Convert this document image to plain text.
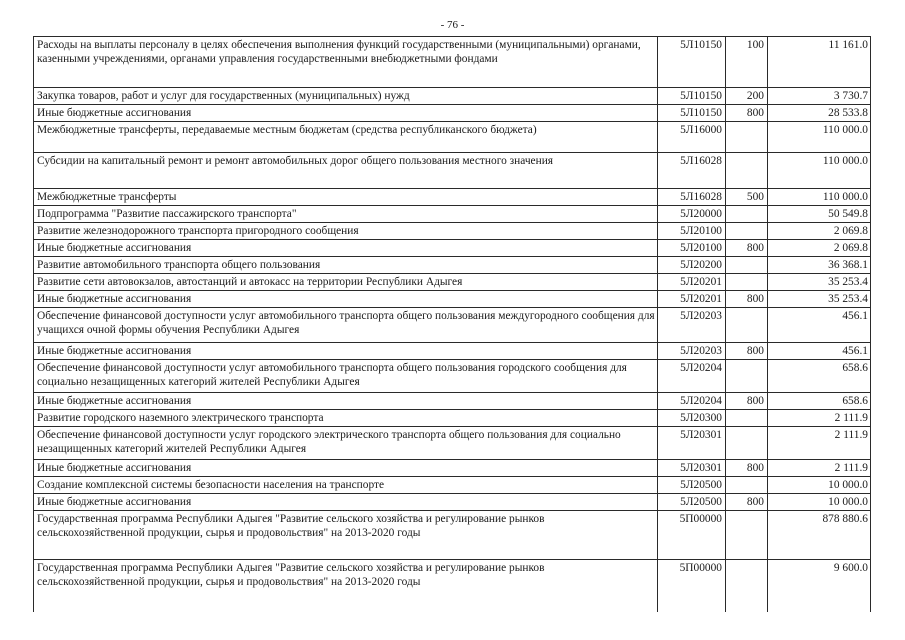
- 76 -
Расходы на выплаты персоналу в целях обеспечения выполнения функций государственными (муниципальными) органами, казенными учреждениями, органами управления государственными внебюджетными фондами	5Л10150	100	11 161.0
Закупка товаров, работ и услуг для государственных (муниципальных) нужд	5Л10150	200	3 730.7
Иные бюджетные ассигнования	5Л10150	800	28 533.8
Межбюджетные трансферты, передаваемые местным бюджетам (средства республиканского бюджета)	5Л16000		110 000.0
Субсидии на капитальный ремонт и ремонт автомобильных дорог общего пользования местного значения	5Л16028		110 000.0
Межбюджетные трансферты	5Л16028	500	110 000.0
Подпрограмма "Развитие пассажирского транспорта"	5Л20000		50 549.8
Развитие железнодорожного транспорта пригородного сообщения	5Л20100		2 069.8
Иные бюджетные ассигнования	5Л20100	800	2 069.8
Развитие автомобильного транспорта общего пользования	5Л20200		36 368.1
Развитие сети автовокзалов, автостанций и автокасс на территории Республики Адыгея	5Л20201		35 253.4
Иные бюджетные ассигнования	5Л20201	800	35 253.4
Обеспечение финансовой доступности услуг автомобильного транспорта общего пользования междугородного сообщения для учащихся очной формы обучения Республики Адыгея	5Л20203		456.1
Иные бюджетные ассигнования	5Л20203	800	456.1
Обеспечение финансовой доступности услуг автомобильного транспорта общего пользования городского сообщения для социально незащищенных категорий жителей Республики Адыгея	5Л20204		658.6
Иные бюджетные ассигнования	5Л20204	800	658.6
Развитие городского наземного электрического транспорта	5Л20300		2 111.9
Обеспечение финансовой доступности услуг городского электрического транспорта общего пользования для социально незащищенных категорий жителей Республики Адыгея	5Л20301		2 111.9
Иные бюджетные ассигнования	5Л20301	800	2 111.9
Создание комплексной системы безопасности населения на транспорте	5Л20500		10 000.0
Иные бюджетные ассигнования	5Л20500	800	10 000.0
Государственная программа Республики Адыгея "Развитие сельского хозяйства и регулирование рынков сельскохозяйственной продукции, сырья и продовольствия" на 2013-2020 годы	5П00000		878 880.6
Государственная программа Республики Адыгея "Развитие сельского хозяйства и регулирование рынков сельскохозяйственной продукции, сырья и продовольствия" на 2013-2020 годы	5П00000		9 600.0
